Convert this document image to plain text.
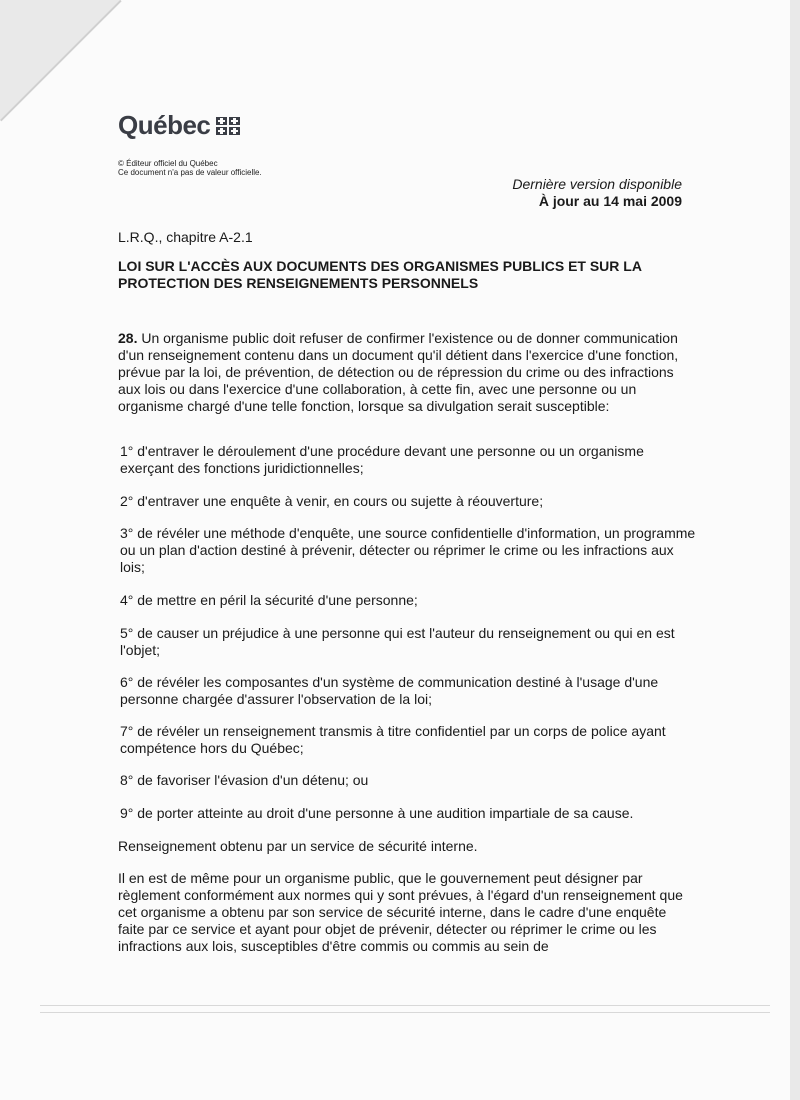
Québec
© Éditeur officiel du Québec
Ce document n'a pas de valeur officielle.
Dernière version disponible
À jour au 14 mai 2009
L.R.Q., chapitre A-2.1
LOI SUR L'ACCÈS AUX DOCUMENTS DES ORGANISMES PUBLICS ET SUR LA PROTECTION DES RENSEIGNEMENTS PERSONNELS
28. Un organisme public doit refuser de confirmer l'existence ou de donner communication d'un renseignement contenu dans un document qu'il détient dans l'exercice d'une fonction, prévue par la loi, de prévention, de détection ou de répression du crime ou des infractions aux lois ou dans l'exercice d'une collaboration, à cette fin, avec une personne ou un organisme chargé d'une telle fonction, lorsque sa divulgation serait susceptible:
1° d'entraver le déroulement d'une procédure devant une personne ou un organisme exerçant des fonctions juridictionnelles;
2° d'entraver une enquête à venir, en cours ou sujette à réouverture;
3° de révéler une méthode d'enquête, une source confidentielle d'information, un programme ou un plan d'action destiné à prévenir, détecter ou réprimer le crime ou les infractions aux lois;
4° de mettre en péril la sécurité d'une personne;
5° de causer un préjudice à une personne qui est l'auteur du renseignement ou qui en est l'objet;
6° de révéler les composantes d'un système de communication destiné à l'usage d'une personne chargée d'assurer l'observation de la loi;
7° de révéler un renseignement transmis à titre confidentiel par un corps de police ayant compétence hors du Québec;
8° de favoriser l'évasion d'un détenu; ou
9° de porter atteinte au droit d'une personne à une audition impartiale de sa cause.
Renseignement obtenu par un service de sécurité interne.
Il en est de même pour un organisme public, que le gouvernement peut désigner par règlement conformément aux normes qui y sont prévues, à l'égard d'un renseignement que cet organisme a obtenu par son service de sécurité interne, dans le cadre d'une enquête faite par ce service et ayant pour objet de prévenir, détecter ou réprimer le crime ou les infractions aux lois, susceptibles d'être commis ou commis au sein de
